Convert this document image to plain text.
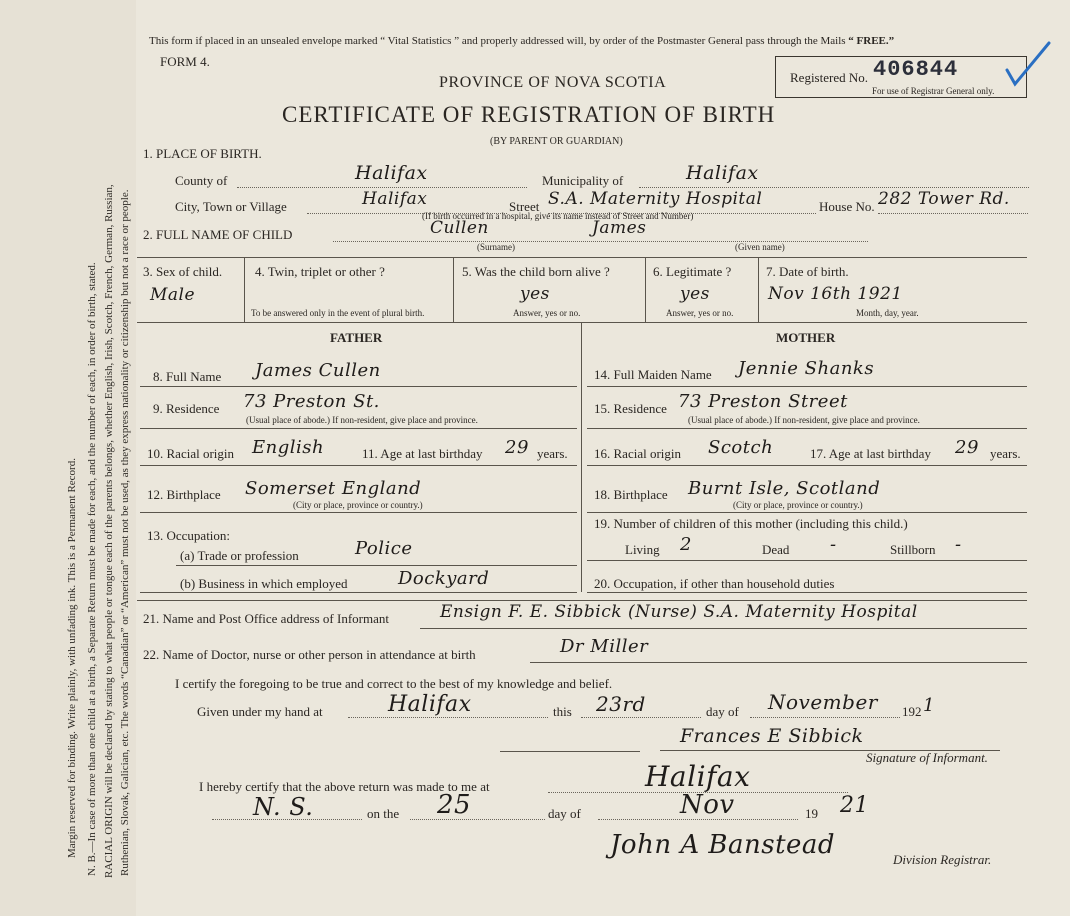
Margin reserved for binding. Write plainly, with unfading ink. This is a Permanent Record. N. B.—In case of more than one child at a birth, a Separate Return must be made for each, and the number of each, in order of birth, stated. RACIAL ORIGIN will be declared by stating to what people or tongue each of the parents belongs, whether English, Irish, Scotch, French, German, Russian, Ruthenian, Slovak, Galician, etc. The words “Canadian” or “American” must not be used, as they express nationality or citizenship but not a race or people.
This form if placed in an unsealed envelope marked “ Vital Statistics ” and properly addressed will, by order of the Postmaster General pass through the Mails “ FREE.”
FORM 4.
Registered No. 406844
For use of Registrar General only.
PROVINCE OF NOVA SCOTIA
CERTIFICATE OF REGISTRATION OF BIRTH
(BY PARENT OR GUARDIAN)
1. PLACE OF BIRTH.
County of	Halifax	Municipality of	Halifax
City, Town or Village	Halifax	Street S.A. Maternity Hospital	House No. 282 Tower Rd.
(If birth occurred in a hospital, give its name instead of Street and Number)
2. FULL NAME OF CHILD	Cullen	James
(Surname)	(Given name)
3. Sex of child.
Male
4. Twin, triplet or other ?
To be answered only in the event of plural birth.
5. Was the child born alive ?
yes
Answer, yes or no.
6. Legitimate ?
yes
Answer, yes or no.
7. Date of birth.
Nov 16th 1921
Month, day, year.
FATHER	MOTHER
8. Full Name James Cullen
9. Residence 73 Preston St.
(Usual place of abode.) If non-resident, give place and province.
10. Racial origin English	11. Age at last birthday 29 years.
12. Birthplace Somerset England
(City or place, province or country.)
13. Occupation:
(a) Trade or profession	Police
(b) Business in which employed	Dockyard
14. Full Maiden Name Jennie Shanks
15. Residence 73 Preston Street
(Usual place of abode.) If non-resident, give place and province.
16. Racial origin Scotch	17. Age at last birthday 29 years.
18. Birthplace Burnt Isle, Scotland
(City or place, province or country.)
19. Number of children of this mother (including this child.)
Living 2	Dead -	Stillborn -
20. Occupation, if other than household duties
21. Name and Post Office address of Informant	Ensign F. E. Sibbick (Nurse) S.A. Maternity Hospital
22. Name of Doctor, nurse or other person in attendance at birth	Dr Miller
I certify the foregoing to be true and correct to the best of my knowledge and belief.
Given under my hand at	Halifax	this 23rd	day of November 192 1
Frances E Sibbick
Signature of Informant.
I hereby certify that the above return was made to me at	Halifax
N. S.	on the 25	day of	Nov	19 21
John A Banstead	Division Registrar.
